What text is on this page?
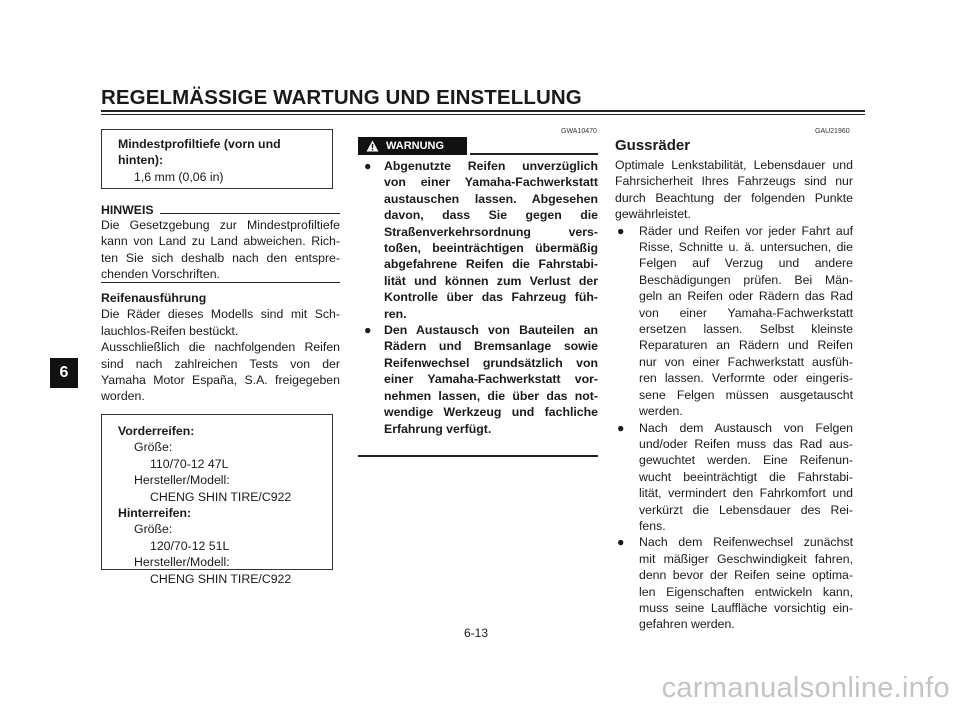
REGELMÄSSIGE WARTUNG UND EINSTELLUNG
6
Mindestprofiltiefe (vorn und
hinten):
1,6 mm (0,06 in)
HINWEIS

Die Gesetzgebung zur Mindestprofiltiefe

kann von Land zu Land abweichen. Rich-

ten Sie sich deshalb nach den entspre-

chenden Vorschriften.

Reifenausführung

Die Räder dieses Modells sind mit Sch-

lauchlos-Reifen bestückt.

Ausschließlich die nachfolgenden Reifen

sind nach zahlreichen Tests von der

Yamaha Motor España, S.A. freigegeben

worden.

Vorderreifen:
Größe:
110/70-12 47L
Hersteller/Modell:
CHENG SHIN TIRE/C922
Hinterreifen:
Größe:
120/70-12 51L
Hersteller/Modell:
CHENG SHIN TIRE/C922
GWA10470
WARNUNG
● Abgenutzte Reifen unverzüglich

von einer Yamaha-Fachwerkstatt

austauschen lassen. Abgesehen

davon, dass Sie gegen die

Straßenverkehrsordnung vers-

toßen, beeinträchtigen übermäßig

abgefahrene Reifen die Fahrstabi-

lität und können zum Verlust der

Kontrolle über das Fahrzeug füh-

ren.

● Den Austausch von Bauteilen an

Rädern und Bremsanlage sowie

Reifenwechsel grundsätzlich von

einer Yamaha-Fachwerkstatt vor-

nehmen lassen, die über das not-

wendige Werkzeug und fachliche

Erfahrung verfügt.

GAU21960
Gussräder

Optimale Lenkstabilität, Lebensdauer und

Fahrsicherheit Ihres Fahrzeugs sind nur

durch Beachtung der folgenden Punkte

gewährleistet.

● Räder und Reifen vor jeder Fahrt auf

Risse, Schnitte u. ä. untersuchen, die

Felgen auf Verzug und andere

Beschädigungen prüfen. Bei Män-

geln an Reifen oder Rädern das Rad

von einer Yamaha-Fachwerkstatt

ersetzen lassen. Selbst kleinste

Reparaturen an Rädern und Reifen

nur von einer Fachwerkstatt ausfüh-

ren lassen. Verformte oder eingeris-

sene Felgen müssen ausgetauscht

werden.

● Nach dem Austausch von Felgen

und/oder Reifen muss das Rad aus-

gewuchtet werden. Eine Reifenun-

wucht beeinträchtigt die Fahrstabi-

lität, vermindert den Fahrkomfort und

verkürzt die Lebensdauer des Rei-

fens.

● Nach dem Reifenwechsel zunächst

mit mäßiger Geschwindigkeit fahren,

denn bevor der Reifen seine optima-

len Eigenschaften entwickeln kann,

muss seine Lauffläche vorsichtig ein-

gefahren werden.

6-13
carmanualsonline.info
